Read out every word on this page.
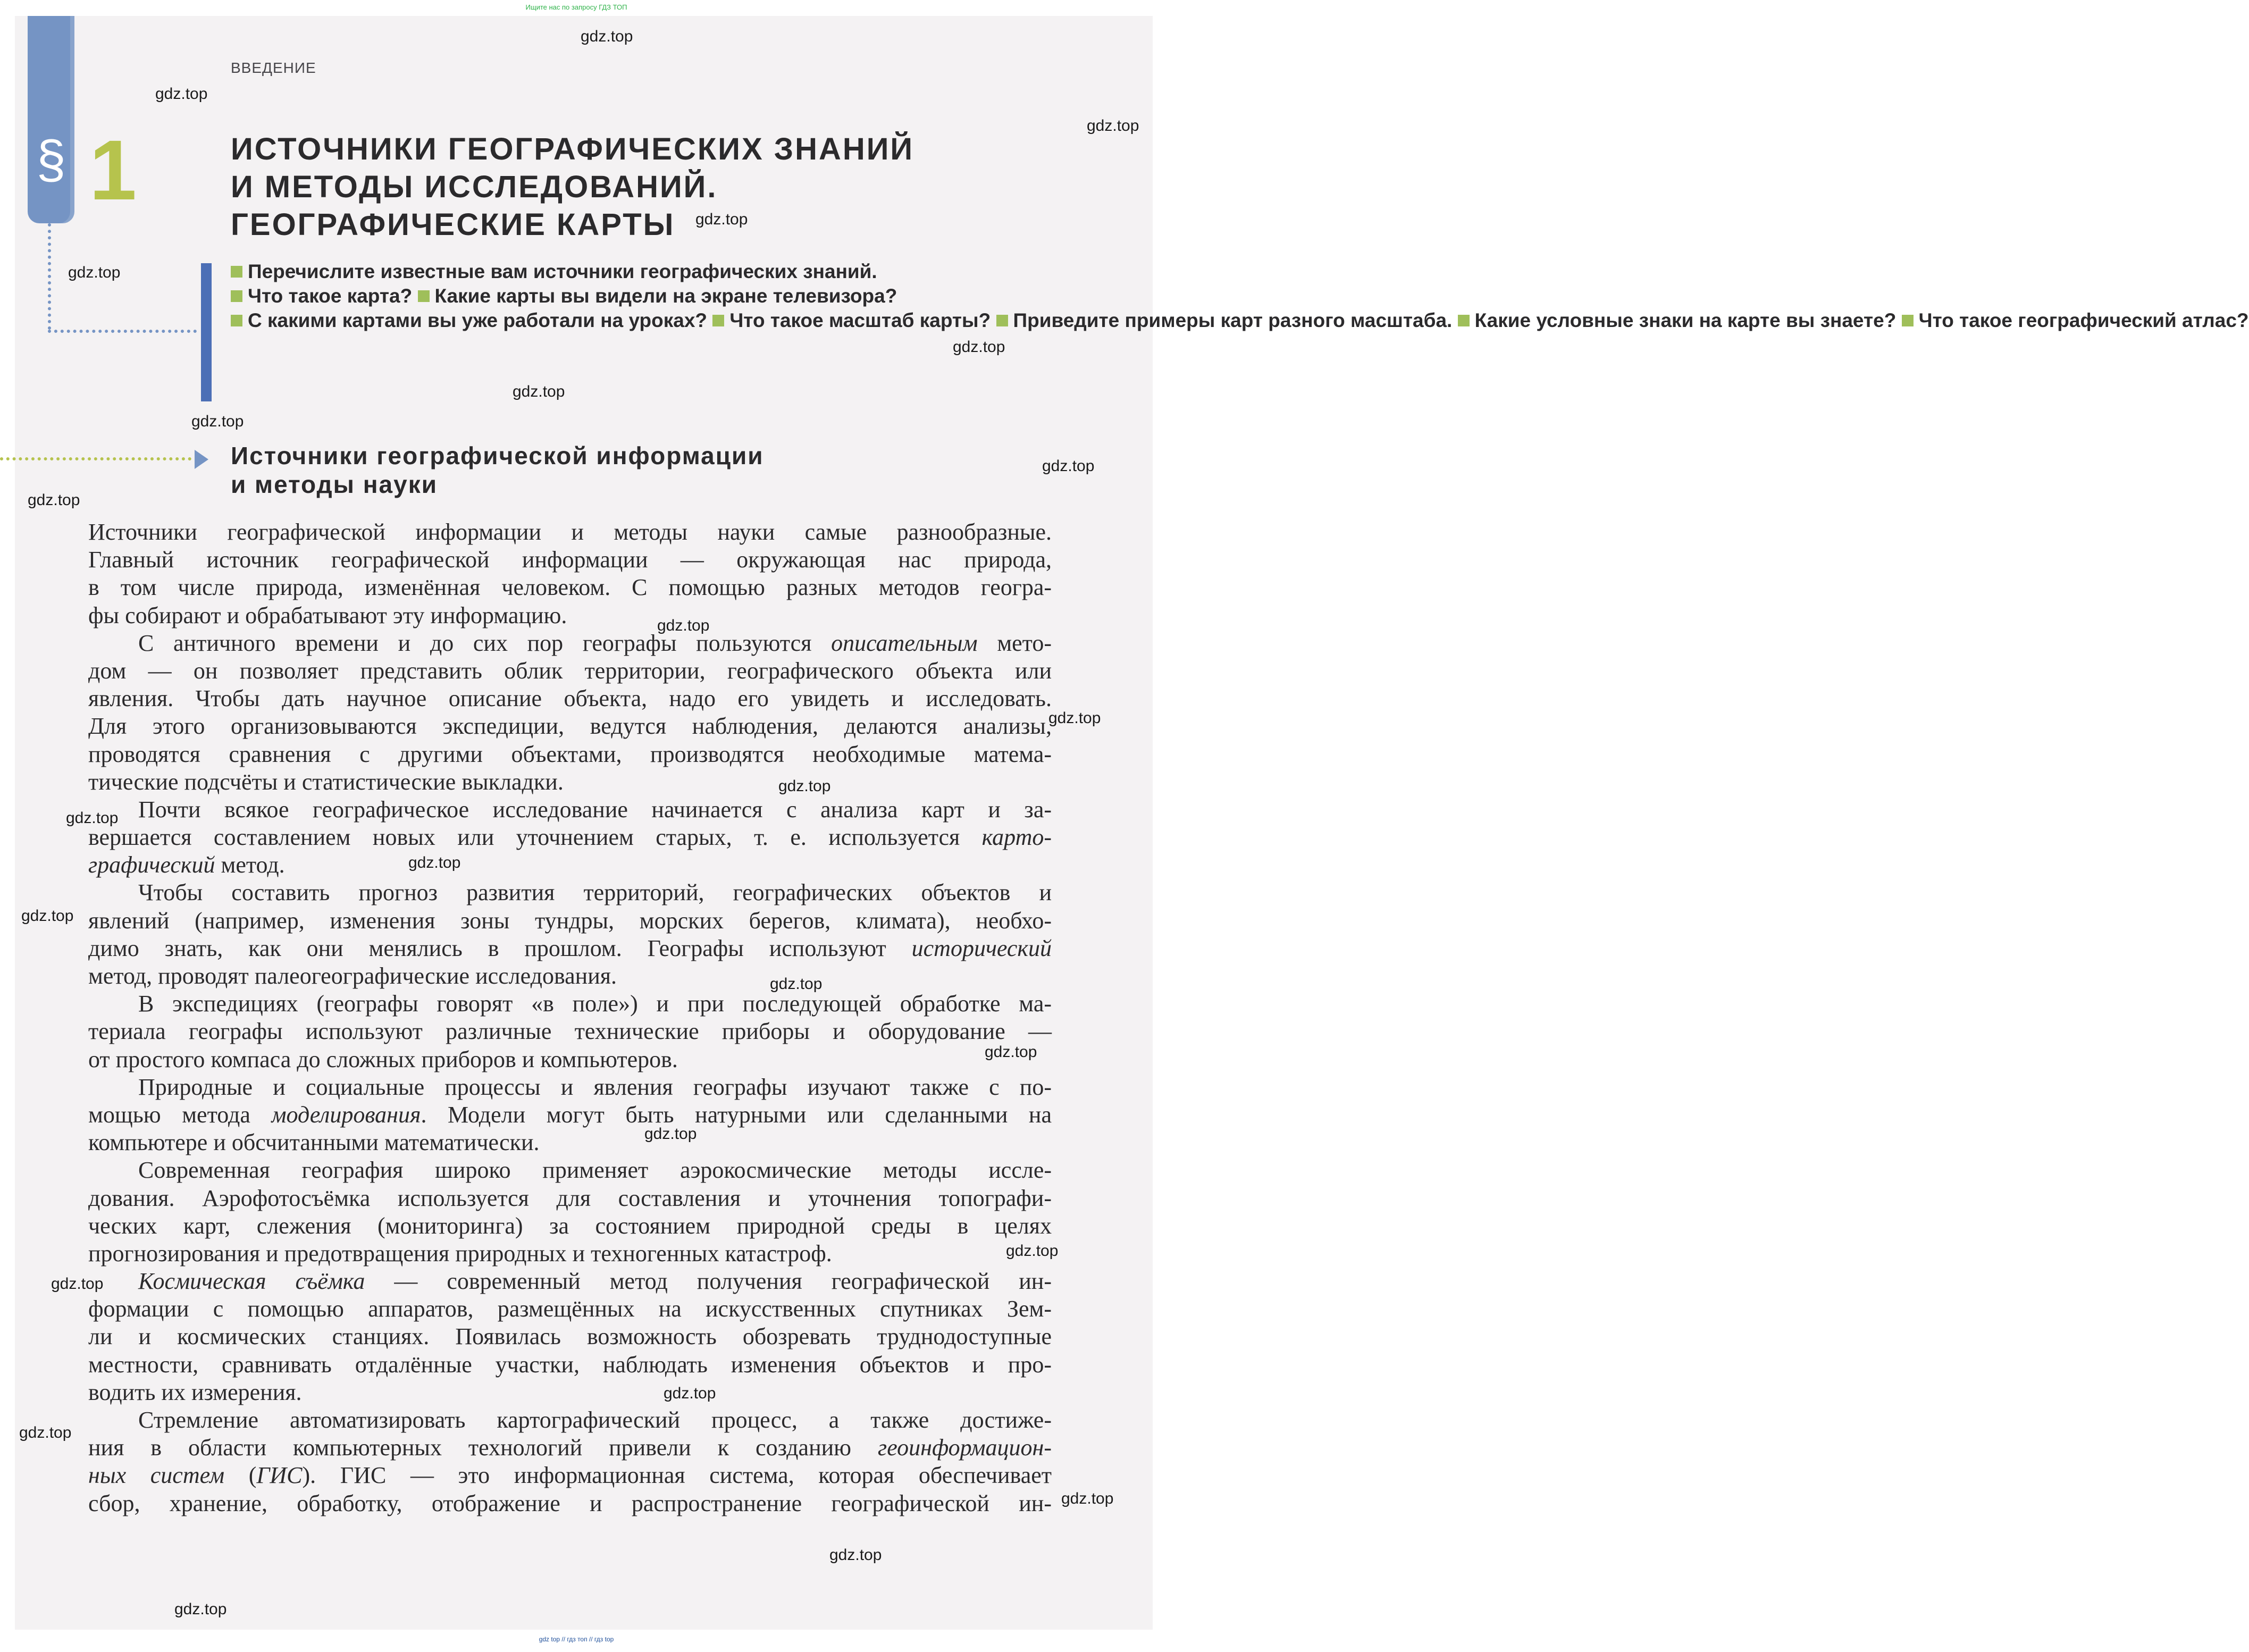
Ищите нас по запросу ГДЗ ТОП
§ 1
ВВЕДЕНИЕ
ИСТОЧНИКИ ГЕОГРАФИЧЕСКИХ ЗНАНИЙ
И МЕТОДЫ ИССЛЕДОВАНИЙ.
ГЕОГРАФИЧЕСКИЕ КАРТЫ
Перечислите известные вам источники географических знаний.
Что такое карта? Какие карты вы видели на экране телевизора?
С какими картами вы уже работали на уроках? Что такое масштаб карты? Приведите примеры карт разного масштаба. Какие условные знаки на карте вы знаете? Что такое географический атлас?
Источники географической информации
и методы науки
Источники географической информации и методы науки самые разнообразные.
Главный источник географической информации — окружающая нас природа,
в том числе природа, изменённая человеком. С помощью разных методов геогра-
фы собирают и обрабатывают эту информацию.
С античного времени и до сих пор географы пользуются описательным мето-
дом — он позволяет представить облик территории, географического объекта или
явления. Чтобы дать научное описание объекта, надо его увидеть и исследовать.
Для этого организовываются экспедиции, ведутся наблюдения, делаются анализы,
проводятся сравнения с другими объектами, производятся необходимые матема-
тические подсчёты и статистические выкладки.
Почти всякое географическое исследование начинается с анализа карт и за-
вершается составлением новых или уточнением старых, т. е. используется карто-
графический метод.
Чтобы составить прогноз развития территорий, географических объектов и
явлений (например, изменения зоны тундры, морских берегов, климата), необхо-
димо знать, как они менялись в прошлом. Географы используют исторический
метод, проводят палеогеографические исследования.
В экспедициях (географы говорят «в поле») и при последующей обработке ма-
териала географы используют различные технические приборы и оборудование —
от простого компаса до сложных приборов и компьютеров.
Природные и социальные процессы и явления географы изучают также с по-
мощью метода моделирования. Модели могут быть натурными или сделанными на
компьютере и обсчитанными математически.
Современная география широко применяет аэрокосмические методы иссле-
дования. Аэрофотосъёмка используется для составления и уточнения топографи-
ческих карт, слежения (мониторинга) за состоянием природной среды в целях
прогнозирования и предотвращения природных и техногенных катастроф.
Космическая съёмка — современный метод получения географической ин-
формации с помощью аппаратов, размещённых на искусственных спутниках Зем-
ли и космических станциях. Появилась возможность обозревать труднодоступные
местности, сравнивать отдалённые участки, наблюдать изменения объектов и про-
водить их измерения.
Стремление автоматизировать картографический процесс, а также достиже-
ния в области компьютерных технологий привели к созданию геоинформацион-
ных систем (ГИС). ГИС — это информационная система, которая обеспечивает
сбор, хранение, обработку, отображение и распространение географической ин-
gdz.top
gdz.top
gdz.top
gdz.top
gdz.top
gdz.top
gdz.top
gdz.top
gdz.top
gdz.top
gdz.top
gdz.top
gdz.top
gdz.top
gdz.top
gdz.top
gdz.top
gdz.top
gdz.top
gdz.top
gdz.top
gdz.top
gdz.top
gdz.top
gdz.top
gdz.top
gdz top // гдз топ // гдз top
